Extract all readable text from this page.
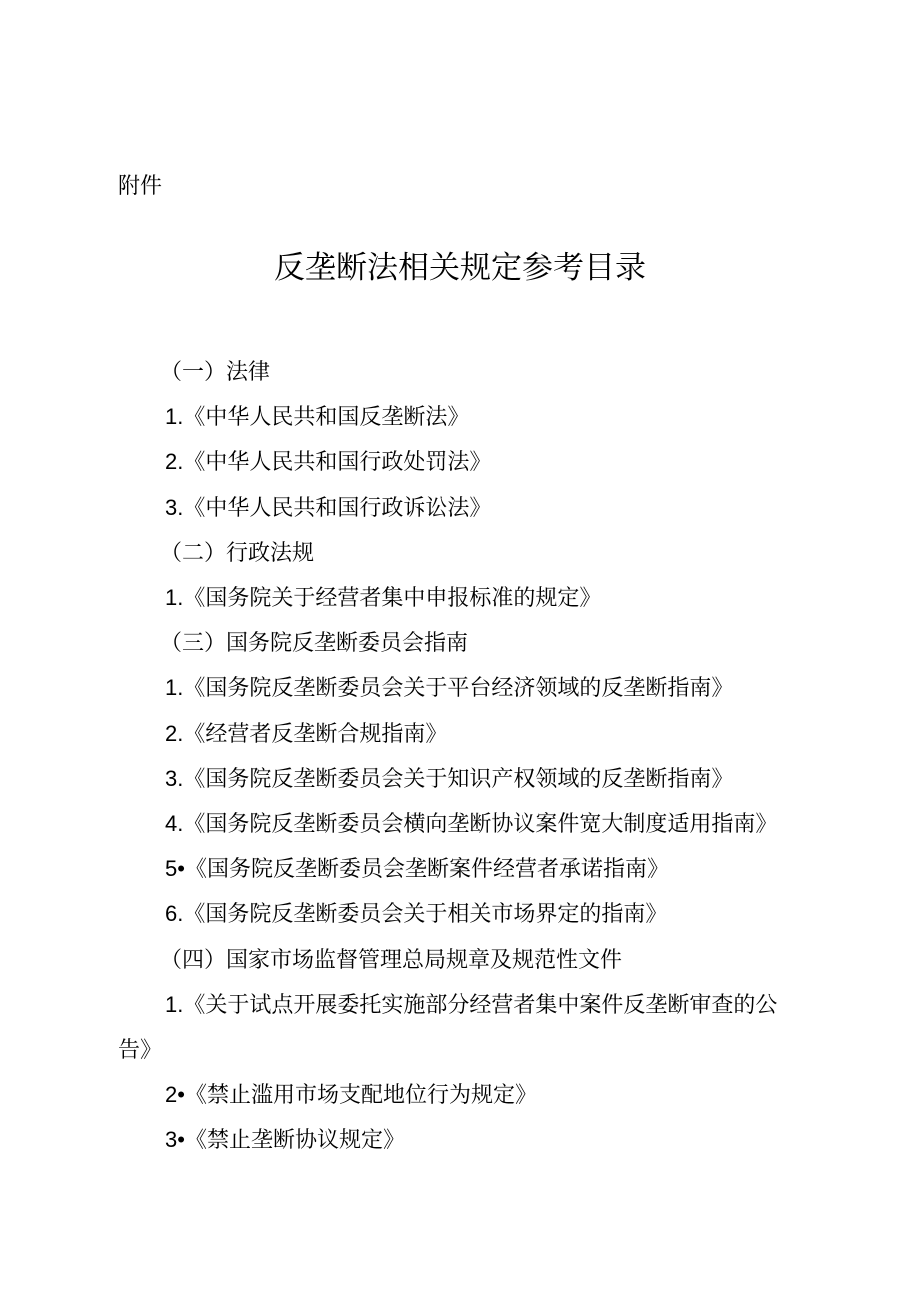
附件
反垄断法相关规定参考目录
（一）法律
1.《中华人民共和国反垄断法》
2.《中华人民共和国行政处罚法》
3.《中华人民共和国行政诉讼法》
（二）行政法规
1.《国务院关于经营者集中申报标准的规定》
（三）国务院反垄断委员会指南
1.《国务院反垄断委员会关于平台经济领域的反垄断指南》
2.《经营者反垄断合规指南》
3.《国务院反垄断委员会关于知识产权领域的反垄断指南》
4.《国务院反垄断委员会横向垄断协议案件宽大制度适用指南》
5•《国务院反垄断委员会垄断案件经营者承诺指南》
6.《国务院反垄断委员会关于相关市场界定的指南》
（四）国家市场监督管理总局规章及规范性文件
1.《关于试点开展委托实施部分经营者集中案件反垄断审查的公
告》
2•《禁止滥用市场支配地位行为规定》
3•《禁止垄断协议规定》
